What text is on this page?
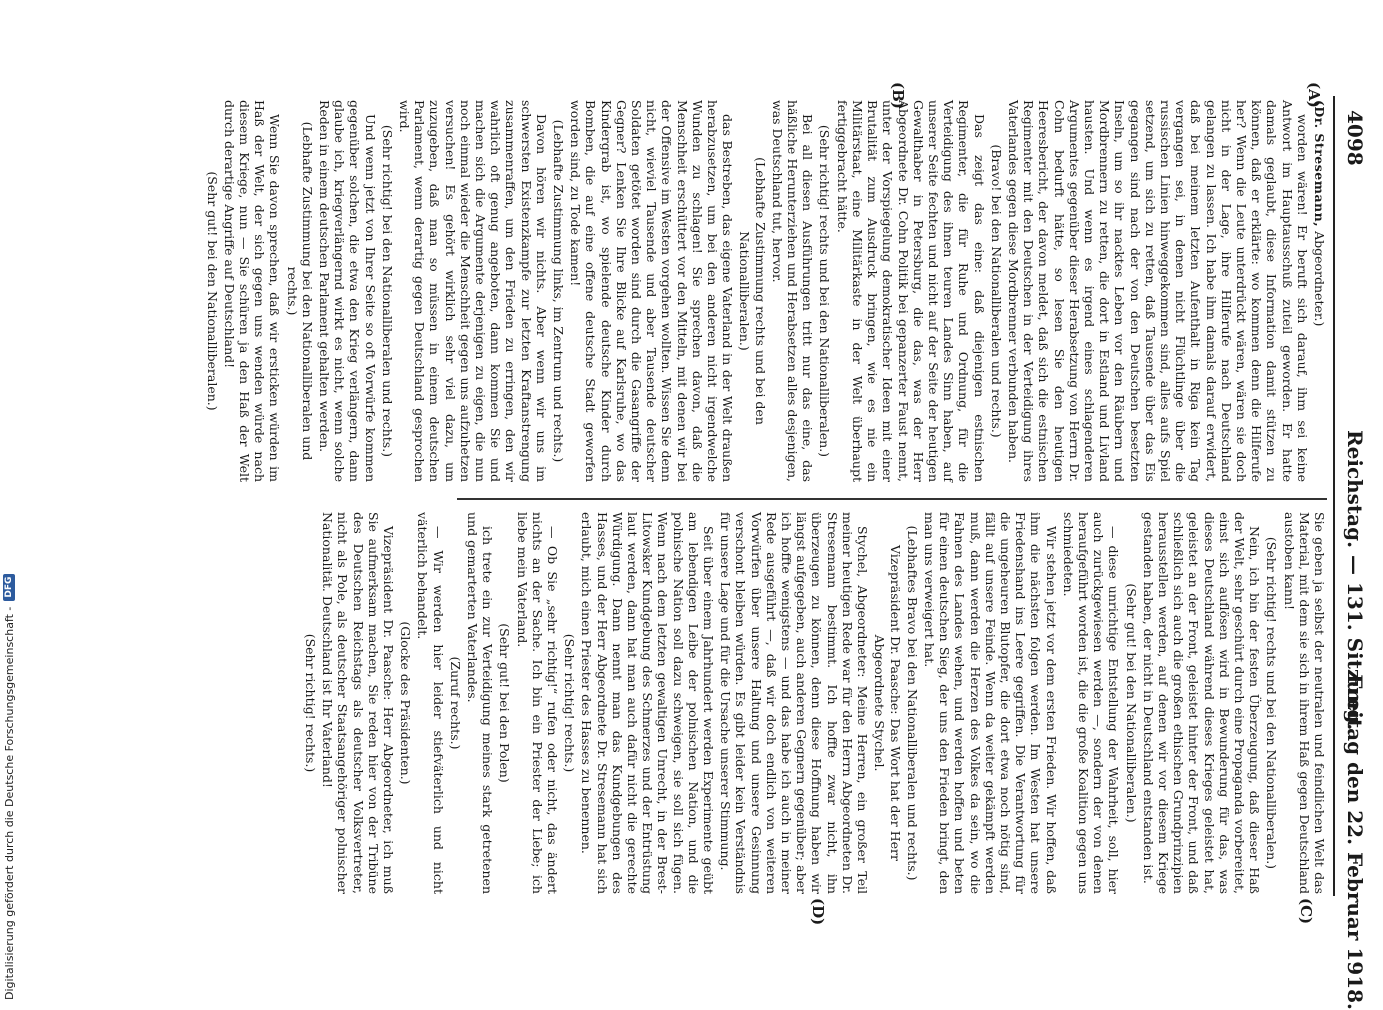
4098
Reichstag. — 131. Sitzung.
Freitag den 22. Februar 1918.
(A)
(B)
(C)
(D)

(Dr. Stresemann, Abgeordneter.)

worden wären! Er beruft sich darauf, ihm sei keine Antwort im Hauptausschuß zuteil geworden. Er hatte damals geglaubt, diese Information damit stützen zu können, daß er erklärte: wo kommen denn die Hilferufe her? Wenn die Leute unterdrückt wären, wären sie doch nicht in der Lage, ihre Hilferufe nach Deutschland gelangen zu lassen. Ich habe ihm damals darauf erwidert, daß bei meinem letzten Aufenthalt in Riga kein Tag vergangen sei, in denen nicht Flüchtlinge über die russischen Linien hinweggekommen sind, alles aufs Spiel setzend, um sich zu retten, daß Tausende über das Eis gegangen sind nach der von den Deutschen besetzten Inseln, um so ihr nacktes Leben vor den Räubern und Mordbrennern zu retten, die dort in Estland und Livland hausten. Und wenn es irgend eines schlagenderen Argumentes gegenüber dieser Herabsetzung von Herrn Dr. Cohn bedurft hätte, so lesen Sie den heutigen Heeresbericht, der davon meldet, daß sich die estnischen Regimenter mit den Deutschen in der Verteidigung ihres Vaterlandes gegen diese Mordbrenner verbunden haben.

(Bravo! bei den Nationalliberalen und rechts.)

Das zeigt das eine: daß diejenigen estnischen Regimenter, die für Ruhe und Ordnung, für die Verteidigung des ihnen teuren Landes Sinn haben, auf unserer Seite fechten und nicht auf der Seite der heutigen Gewalthaber in Petersburg, die das, was der Herr Abgeordnete Dr. Cohn Politik bei gepanzerter Faust nennt, unter der Vorspiegelung demokratischer Ideen mit einer Brutalität zum Ausdruck bringen, wie es nie ein Militärstaat, eine Militärkaste in der Welt überhaupt fertiggebracht hätte.

(Sehr richtig! rechts und bei den Nationalliberalen.)

Bei all diesen Ausführungen tritt nur das eine, das häßliche Herunterziehen und Herabsetzen alles desjenigen, was Deutschland tut, hervor.

(Lebhafte Zustimmung rechts und bei den Nationalliberalen.)

das Bestreben, das eigene Vaterland in der Welt draußen herabzusetzen, um bei den anderen nicht irgendwelche Wunden zu schlagen! Sie sprechen davon, daß die Menschheit erschüttert vor den Mitteln, mit denen wir bei der Offensive im Westen vorgehen wollten. Wissen Sie denn nicht, wieviel Tausende und aber Tausende deutscher Soldaten getötet worden sind durch die Gasangriffe der Gegner? Lenken Sie Ihre Blicke auf Karlsruhe, wo das Kindergrab ist, wo spielende deutsche Kinder durch Bomben, die auf eine offene deutsche Stadt geworfen worden sind, zu Tode kamen!

(Lebhafte Zustimmung links, im Zentrum und rechts.)

Davon hören wir nichts. Aber wenn wir uns im schwersten Existenzkampfe zur letzten Kraftanstrengung zusammenraffen, um den Frieden zu erringen, den wir wahrlich oft genug angeboten, dann kommen Sie und machen sich die Argumente derjenigen zu eigen, die nun noch einmal wieder die Menschheit gegen uns aufzuhetzen versuchen! Es gehört wirklich sehr viel dazu, um zuzugeben, daß man so müssen in einem deutschen Parlament, wenn derartig gegen Deutschland gesprochen wird.

(Sehr richtig! bei den Nationalliberalen und rechts.)

Und wenn jetzt von Ihrer Seite so oft Vorwürfe kommen gegenüber solchen, die etwa den Krieg verlängern, dann glaube ich, kriegverlängernd wirkt es nicht, wenn solche Reden in einem deutschen Parlament gehalten werden.

(Lebhafte Zustimmung bei den Nationalliberalen und rechts.)

Wenn Sie davon sprechen, daß wir ersticken würden im Haß der Welt, der sich gegen uns wenden würde nach diesem Kriege, nun — Sie schüren ja den Haß der Welt durch derartige Angriffe auf Deutschland!

(Sehr gut! bei den Nationalliberalen.)

Sie geben ja selbst der neutralen und feindlichen Welt das Material, mit dem sie sich in ihrem Haß gegen Deutschland austoben kann!

(Sehr richtig! rechts und bei den Nationalliberalen.)

Nein, ich bin der festen Überzeugung, daß dieser Haß der Welt, sehr geschürt durch eine Propaganda vorbereitet, einst sich auflösen wird in Bewunderung für das, was dieses Deutschland während dieses Krieges geleistet hat, geleistet an der Front, geleistet hinter der Front, und daß schließlich sich auch die großen ethischen Grundprinzipien herausstellen werden, auf denen wir vor diesem Kriege gestanden haben, der nicht in Deutschland entstanden ist.

(Sehr gut! bei den Nationalliberalen.)

— diese unrichtige Entstellung der Wahrheit, soll, hier auch zurückgewiesen werden —, sondern der von denen heraufgeführt worden ist, die die große Koalition gegen uns schmiedeten.

Wir stehen jetzt vor dem ersten Frieden. Wir hoffen, daß ihm die nächsten folgen werden. Im Westen hat unsere Friedenshand ins Leere gegriffen. Die Verantwortung für die ungeheuren Blutopfer, die dort etwa noch nötig sind, fällt auf unsere Feinde. Wenn da weiter gekämpft werden muß, dann werden die Herzen des Volkes da sein, wo die Fahnen des Landes wehen, und werden hoffen und beten für einen deutschen Sieg, der uns den Frieden bringt, den man uns verweigert hat.

(Lebhaftes Bravo bei den Nationalliberalen und rechts.)

Vizepräsident Dr. Paasche: Das Wort hat der Herr Abgeordnete Stychel.

Stychel, Abgeordneter: Meine Herren, ein großer Teil meiner heutigen Rede war für den Herrn Abgeordneten Dr. Stresemann bestimmt. Ich hoffte zwar nicht, ihn überzeugen zu können, denn diese Hoffnung haben wir längst aufgegeben, auch anderen Gegnern gegenüber; aber ich hoffte wenigstens — und das habe ich auch in meiner Rede ausgeführt —, daß wir doch endlich von weiteren Vorwürfen über unsere Haltung und unsere Gesinnung verschont bleiben würden. Es gibt leider kein Verständnis für unsere Lage und für die Ursache unserer Stimmung.

Seit über einem Jahrhundert werden Experimente geübt am lebendigen Leibe der polnischen Nation, und die polnische Nation soll dazu schweigen, sie soll sich fügen. Wenn nach dem letzten gewaltigen Unrecht, in der Brest-Litowsker Kundgebung des Schmerzes und der Entrüstung laut werden, dann hat man auch dafür nicht die gerechte Würdigung. Dann nennt man das Kundgebungen des Hasses, und der Herr Abgeordnete Dr. Stresemann hat sich erlaubt, mich einen Priester des Hasses zu benennen.

(Sehr richtig! rechts.)

— Ob Sie „sehr richtig!“ rufen oder nicht, das ändert nichts an der Sache. Ich bin ein Priester der Liebe; ich liebe mein Vaterland.

(Sehr gut! bei den Polen)

ich trete ein zur Verteidigung meines stark getretenen und gemarterten Vaterlandes.

(Zuruf rechts.)

— Wir werden hier leider stiefväterlich und nicht väterlich behandelt.

(Glocke des Präsidenten.)

Vizepräsident Dr. Paasche: Herr Abgeordneter, ich muß Sie aufmerksam machen, Sie reden hier von der Tribüne des Deutschen Reichstags als deutscher Volksvertreter, nicht als Pole, als deutscher Staatsangehöriger polnischer Nationalität. Deutschland ist Ihr Vaterland!

(Sehr richtig! rechts.)

Digitalisierung gefördert durch die Deutsche Forschungsgemeinschaft -
DFG
